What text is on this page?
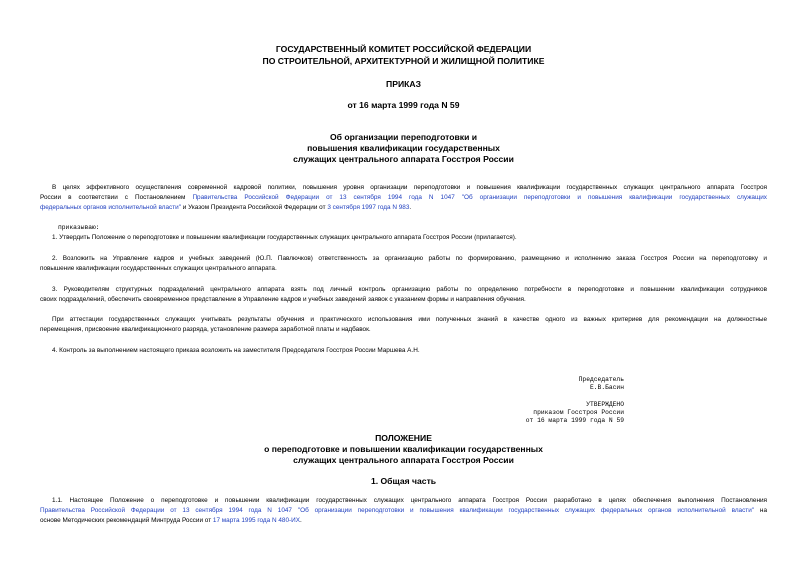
ГОСУДАРСТВЕННЫЙ КОМИТЕТ РОССИЙСКОЙ ФЕДЕРАЦИИ
ПО СТРОИТЕЛЬНОЙ, АРХИТЕКТУРНОЙ И ЖИЛИЩНОЙ ПОЛИТИКЕ
ПРИКАЗ
от 16 марта 1999 года N 59
Об организации переподготовки и
повышения квалификации государственных
служащих центрального аппарата Госстроя России
В целях эффективного осуществления современной кадровой политики, повышения уровня организации переподготовки и повышения квалификации государственных служащих центрального аппарата Госстроя
России в соответствии с Постановлением Правительства Российской Федерации от 13 сентября 1994 года N 1047 "Об организации переподготовки и повышения квалификации государственных служащих
федеральных органов исполнительной власти" и Указом Президента Российской Федерации от 3 сентября 1997 года N 983.
приказываю:
1. Утвердить Положение о переподготовке и повышении квалификации государственных служащих центрального аппарата Госстроя России (прилагается).
2. Возложить на Управление кадров и учебных заведений (Ю.П. Павлючков) ответственность за организацию работы по формированию, размещению и исполнению заказа Госстроя России на переподготовку и
повышение квалификации государственных служащих центрального аппарата.
3. Руководителям структурных подразделений центрального аппарата взять под личный контроль организацию работы по определению потребности в переподготовке и повышении квалификации сотрудников
своих подразделений, обеспечить своевременное представление в Управление кадров и учебных заведений заявок с указанием формы и направления обучения.
При аттестации государственных служащих учитывать результаты обучения и практического использования ими полученных знаний в качестве одного из важных критериев для рекомендации на должностные
перемещения, присвоение квалификационного разряда, установление размера заработной платы и надбавок.
4. Контроль за выполнением настоящего приказа возложить на заместителя Председателя Госстроя России Маршева А.Н.
Председатель
Е.В.Басин
УТВЕРЖДЕНО
приказом Госстроя России
от 16 марта 1999 года N 59
ПОЛОЖЕНИЕ
о переподготовке и повышении квалификации государственных
служащих центрального аппарата Госстроя России
1. Общая часть
1.1. Настоящее Положение о переподготовке и повышении квалификации государственных служащих центрального аппарата Госстроя России разработано в целях обеспечения выполнения Постановления
Правительства Российской Федерации от 13 сентября 1994 года N 1047 "Об организации переподготовки и повышения квалификации государственных служащих федеральных органов исполнительной власти" на
основе Методических рекомендаций Минтруда России от 17 марта 1995 года N 480-ИХ.
